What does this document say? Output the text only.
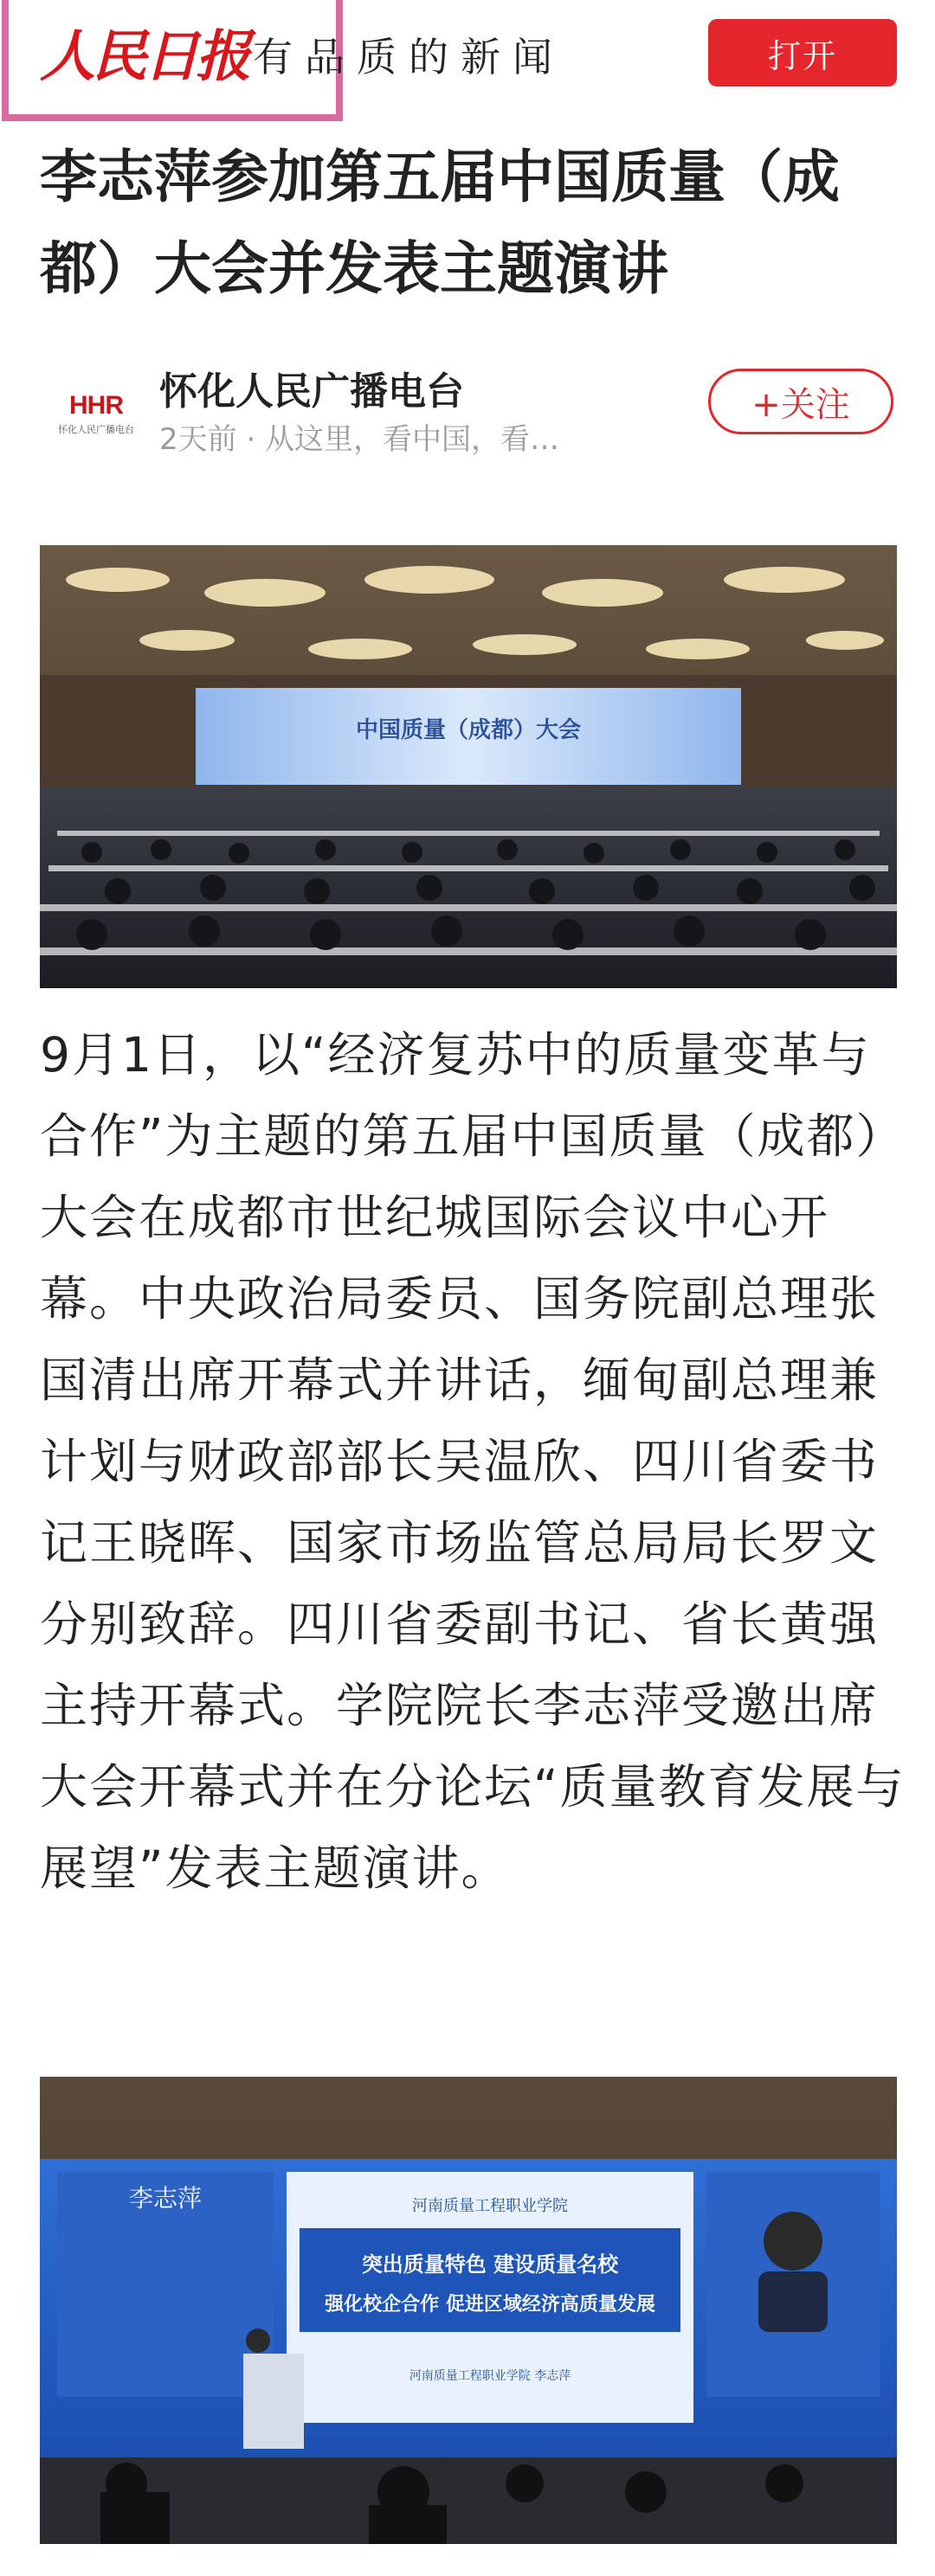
人民日报 有品质的新闻	打开
李志萍参加第五届中国质量（成都）大会并发表主题演讲
HHR
怀化人民广播电台
怀化人民广播电台
2天前 · 从这里，看中国，看…
+关注
中国质量（成都）大会

9月1日，以“经济复苏中的质量变革与合作”为主题的第五届中国质量（成都）大会在成都市世纪城国际会议中心开幕。中央政治局委员、国务院副总理张国清出席开幕式并讲话，缅甸副总理兼计划与财政部部长吴温欣、四川省委书记王晓晖、国家市场监管总局局长罗文分别致辞。四川省委副书记、省长黄强主持开幕式。学院院长李志萍受邀出席大会开幕式并在分论坛“质量教育发展与展望”发表主题演讲。

河南质量工程职业学院
突出质量特色 建设质量名校
强化校企合作 促进区域经济高质量发展
河南质量工程职业学院 李志萍
李志萍
